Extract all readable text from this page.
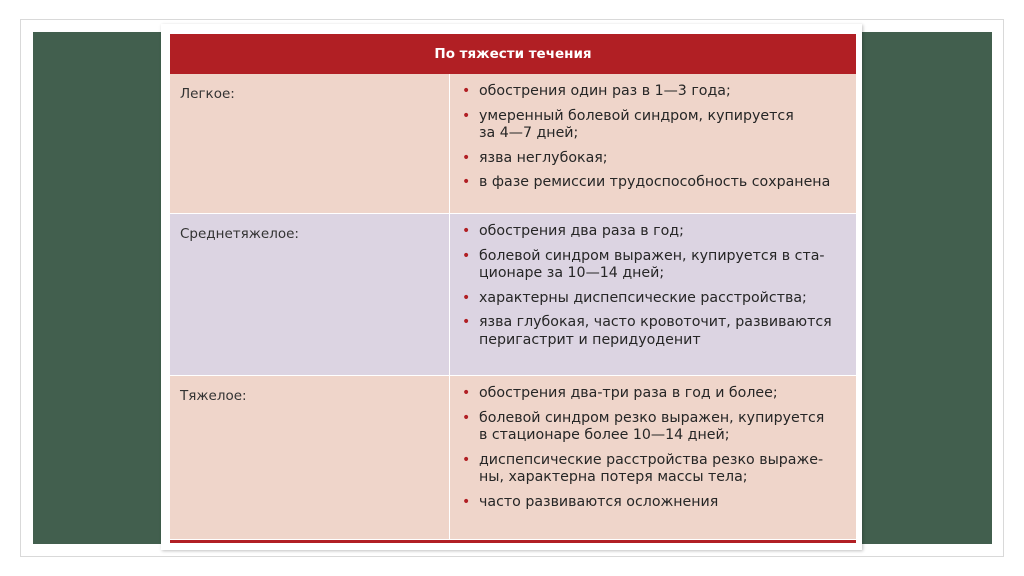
По тяжести течения
Легкое:	• обострения один раз в 1—3 года;
• умеренный болевой синдром, купируется
за 4—7 дней;
• язва неглубокая;
• в фазе ремиссии трудоспособность сохранена
Среднетяжелое:	• обострения два раза в год;
• болевой синдром выражен, купируется в ста-
ционаре за 10—14 дней;
• характерны диспепсические расстройства;
• язва глубокая, часто кровоточит, развиваются
перигастрит и перидуоденит
Тяжелое:	• обострения два-три раза в год и более;
• болевой синдром резко выражен, купируется
в стационаре более 10—14 дней;
• диспепсические расстройства резко выраже-
ны, характерна потеря массы тела;
• часто развиваются осложнения
